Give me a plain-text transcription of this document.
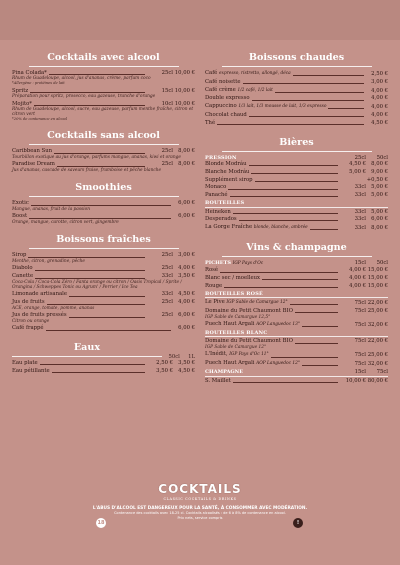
Cocktails avec alcool
Pina Colada*	25cl 10,00 €
Rhum de Guadeloupe, alcool, jus d'ananas, crème, parfum coco
*Allergène : protéines de lait
Spritz	15cl 10,00 €
Préparation pour spritz, prosecco, eau gazeuse, tranche d'orange
Mojito*	10cl 10,00 €
Rhum de Guadeloupe, alcool, sucre, eau gazeuse, parfum menthe fraîche, citron et citron vert
*20% de contenance en alcool
Cocktails sans alcool
Caribbean Sun	25cl 8,00 €
Tourbillon exotique au jus d'orange, parfums mangue, ananas, kiwi et orange
Paradise Dream	25cl 8,00 €
Jus d'ananas, cascade de saveurs fraise, framboise et pêche blanche
Smoothies
Exotic	6,00 €
Mangue, ananas, fruit de la passion
Boost	6,00 €
Orange, mangue, carotte, citron vert, gingembre
Boissons fraîches
Sirop	25cl 3,00 €
Menthe, citron, grenadine, pêche
Diabolo	25cl 4,00 €
Canette	33cl 3,50 €
Coca-Cola / Coca-Cola Zéro / Fanta orange ou citron / Oasis Tropical / Sprite / Orangina / Schweppes Tonic ou Agrum' / Perrier / Ice Tea
Limonade artisanale	33cl 4,50 €
Jus de fruits	25cl 4,00 €
ACE, orange, tomate, pomme, ananas
Jus de fruits pressés	25cl 6,00 €
Citron ou orange
Café frappé	6,00 €
Eaux
50cl	1L
Eau plate	2,50 € 3,50 €
Eau pétillante	3,50 € 4,50 €
Boissons chaudes
Café expresso, ristretto, allongé, déca	2,50 €
Café noisette	3,00 €
Café crème 1/2 café, 1/2 lait	4,00 €
Double expresso	4,00 €
Cappuccino 1/3 lait, 1/3 mousse de lait, 1/3 expresso	4,00 €
Chocolat chaud	4,00 €
Thé	4,50 €
Bières
PRESSION	25cl	50cl
Blonde Modráu	4,50 € 8,00 €
Blanche Modráu	5,00 € 9,00 €
Supplément sirop	+0,50 €
Monaco	33cl 5,00 €
Panaché	33cl 5,00 €
BOUTEILLES
Heineken	33cl 5,00 €
Desperados	33cl 6,00 €
La Gorge Fraîche blonde, blanche, ambrée	33cl 8,00 €
Vins & champagne
PICHETS IGP Pays d'Oc	15cl	50cl
Rosé	4,00 € 15,00 €
Blanc sec / moelleux	4,00 € 15,00 €
Rouge	4,00 € 15,00 €
BOUTEILLES ROSÉ
Le Pive IGP Sable de Camargue 12°	75cl 22,00 €
Domaine du Petit Chaumont BIO	75cl 25,00 €
IGP Sable de Camargue 12,5°
Puech Haut Argali AOP Languedoc 13°	75cl 32,00 €
BOUTEILLES BLANC
Domaine du Petit Chaumont BIO	75cl 22,00 €
IGP Sable de Camargue 12°
L'Inédit, IGP Pays d'Oc 11°	75cl 25,00 €
Puech Haut Argali AOP Languedoc 12°	75cl 32,00 €
CHAMPAGNE	15cl	75cl
S. Maillet	10,00 € 80,00 €
COCKTAILS
CLASSIC COCKTAILS & DRINKS
L'ABUS D'ALCOOL EST DANGEREUX POUR LA SANTÉ, À CONSOMMER AVEC MODÉRATION.
Contenance des cocktails avec 18-25 cl. Cocktails alcoolisés : de 6 à 8% de contenance en alcool.
Prix nets, service compris
18	!
